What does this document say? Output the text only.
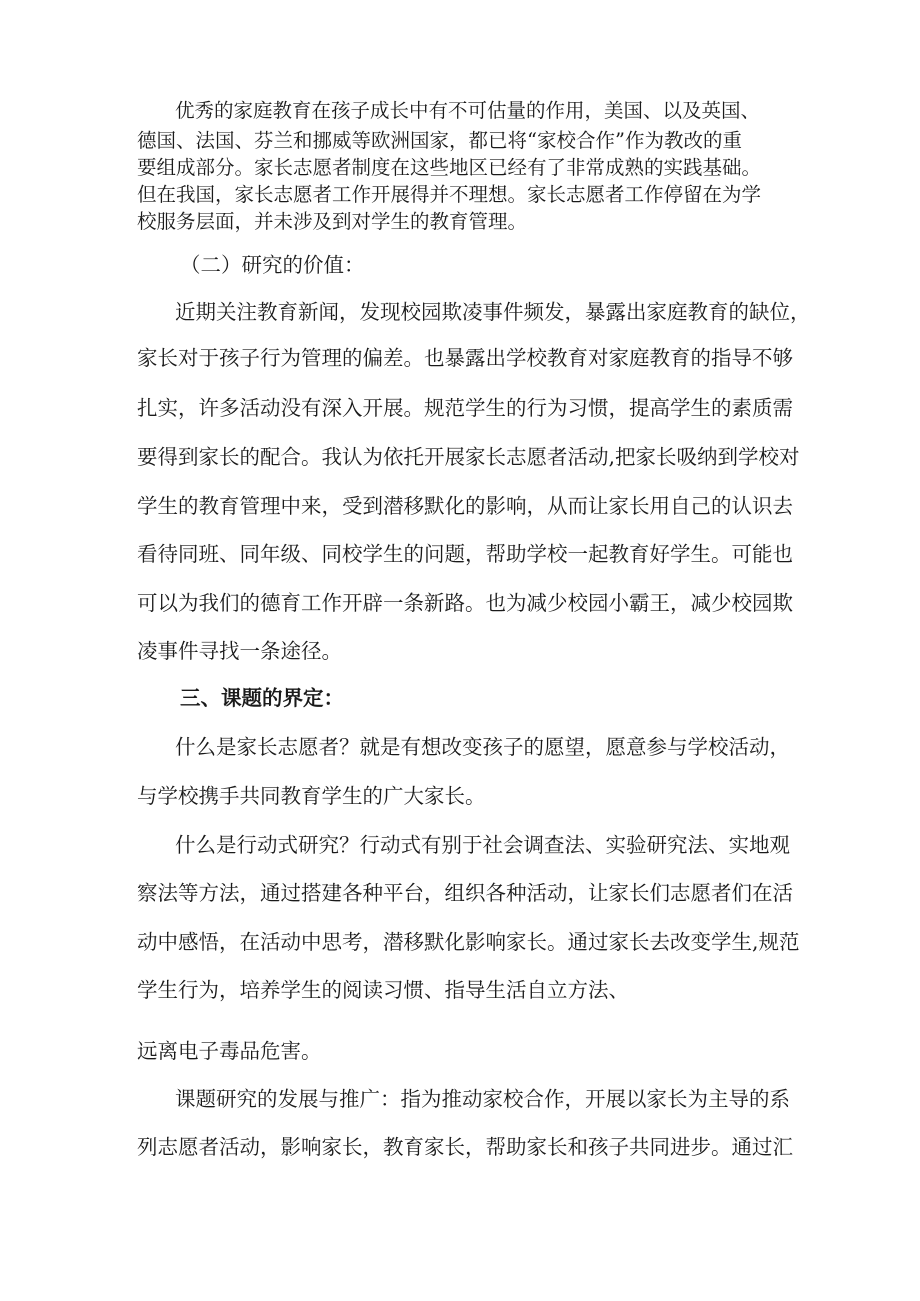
优秀的家庭教育在孩子成长中有不可估量的作用，美国、以及英国、
德国、法国、芬兰和挪威等欧洲国家，都已将“家校合作”作为教改的重
要组成部分。家长志愿者制度在这些地区已经有了非常成熟的实践基础。
但在我国，家长志愿者工作开展得并不理想。家长志愿者工作停留在为学
校服务层面，并未涉及到对学生的教育管理。
（二）研究的价值：
近期关注教育新闻，发现校园欺凌事件频发，暴露出家庭教育的缺位，
家长对于孩子行为管理的偏差。也暴露出学校教育对家庭教育的指导不够
扎实，许多活动没有深入开展。规范学生的行为习惯，提高学生的素质需
要得到家长的配合。我认为依托开展家长志愿者活动,把家长吸纳到学校对
学生的教育管理中来，受到潜移默化的影响，从而让家长用自己的认识去
看待同班、同年级、同校学生的问题，帮助学校一起教育好学生。可能也
可以为我们的德育工作开辟一条新路。也为减少校园小霸王，减少校园欺
凌事件寻找一条途径。
三、课题的界定：
什么是家长志愿者？就是有想改变孩子的愿望，愿意参与学校活动，
与学校携手共同教育学生的广大家长。
什么是行动式研究？行动式有别于社会调查法、实验研究法、实地观
察法等方法，通过搭建各种平台，组织各种活动，让家长们志愿者们在活
动中感悟，在活动中思考，潜移默化影响家长。通过家长去改变学生,规范
学生行为，培养学生的阅读习惯、指导生活自立方法、
远离电子毒品危害。
课题研究的发展与推广：指为推动家校合作，开展以家长为主导的系
列志愿者活动，影响家长，教育家长，帮助家长和孩子共同进步。通过汇
